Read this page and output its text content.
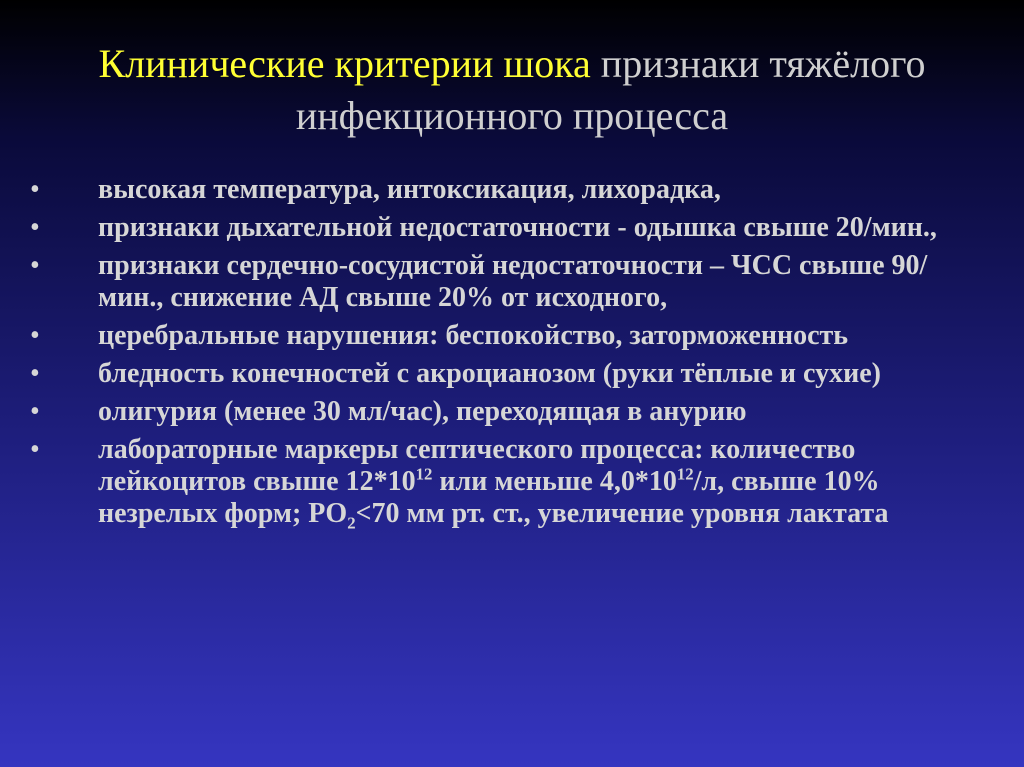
Клинические критерии шока признаки тяжёлого
инфекционного процесса
•	высокая температура, интоксикация, лихорадка,
•	признаки дыхательной недостаточности - одышка свыше 20/мин.,
•	признаки сердечно-сосудистой недостаточности – ЧСС свыше 90/мин., снижение АД свыше 20% от исходного,
•	церебральные нарушения: беспокойство, заторможенность
•	бледность конечностей с акроцианозом (руки тёплые и сухие)
•	олигурия (менее 30 мл/час), переходящая в анурию
•	лабораторные маркеры септического процесса: количество лейкоцитов свыше $12*10^{12}$ или меньше $4,0*10^{12}/л$, свыше 10% незрелых форм; $PO_2<70$ мм рт. ст., увеличение уровня лактата
